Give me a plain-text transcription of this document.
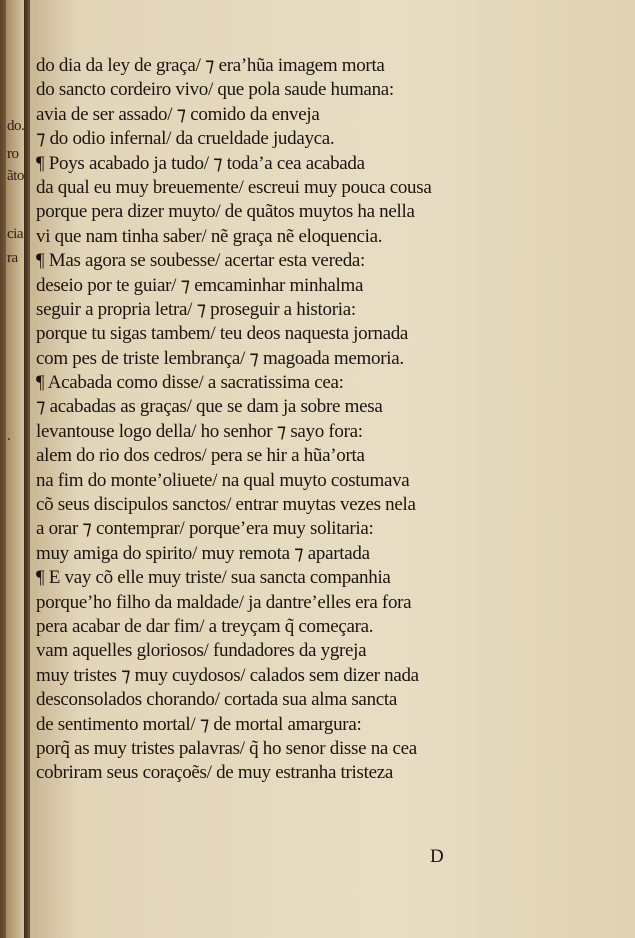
do.
ro
ãto
cia
ra
.
do dia da ley de graça/ ⁊ era’hũa imagem morta
do sancto cordeiro vivo/ que pola saude humana:
avia de ser assado/ ⁊ comido da enveja
⁊ do odio infernal/ da crueldade judayca.
¶ Poys acabado ja tudo/ ⁊ toda’a cea acabada
da qual eu muy breuemente/ escreui muy pouca cousa
porque pera dizer muyto/ de quãtos muytos ha nella
vi que nam tinha saber/ nẽ graça nẽ eloquencia.
¶ Mas agora se soubesse/ acertar esta vereda:
deseio por te guiar/ ⁊ emcaminhar minhalma
seguir a propria letra/ ⁊ proseguir a historia:
porque tu sigas tambem/ teu deos naquesta jornada
com pes de triste lembrança/ ⁊ magoada memoria.
¶ Acabada como disse/ a sacratissima cea:
⁊ acabadas as graças/ que se dam ja sobre mesa
levantouse logo della/ ho senhor ⁊ sayo fora:
alem do rio dos cedros/ pera se hir a hũa’orta
na fim do monte’oliuete/ na qual muyto costumava
cõ seus discipulos sanctos/ entrar muytas vezes nela
a orar ⁊ contemprar/ porque’era muy solitaria:
muy amiga do spirito/ muy remota ⁊ apartada
¶ E vay cõ elle muy triste/ sua sancta companhia
porque’ho filho da maldade/ ja dantre’elles era fora
pera acabar de dar fim/ a treyçam q̃ começara.
vam aquelles gloriosos/ fundadores da ygreja
muy tristes ⁊ muy cuydosos/ calados sem dizer nada
desconsolados chorando/ cortada sua alma sancta
de sentimento mortal/ ⁊ de mortal amargura:
porq̃ as muy tristes palavras/ q̃ ho senor disse na cea
cobriram seus coraçoẽs/ de muy estranha tristeza
D
